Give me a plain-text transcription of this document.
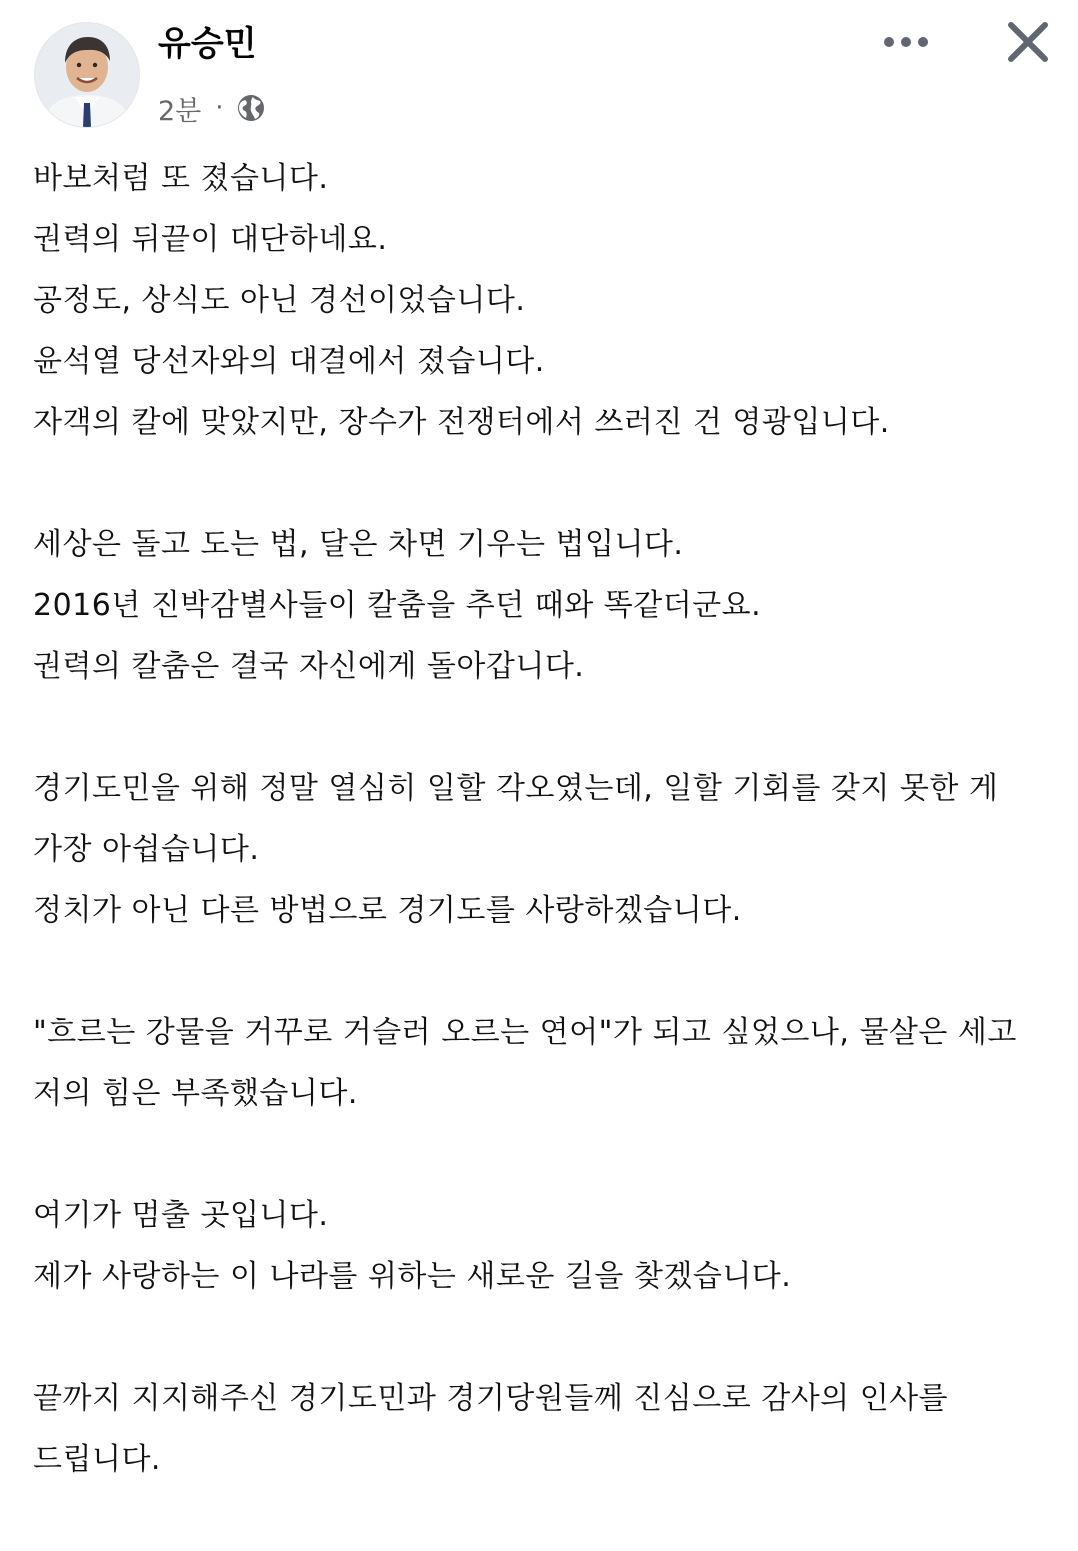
유승민
2분 ·
바보처럼 또 졌습니다.
권력의 뒤끝이 대단하네요.
공정도, 상식도 아닌 경선이었습니다.
윤석열 당선자와의 대결에서 졌습니다.
자객의 칼에 맞았지만, 장수가 전쟁터에서 쓰러진 건 영광입니다.
세상은 돌고 도는 법, 달은 차면 기우는 법입니다.
2016년 진박감별사들이 칼춤을 추던 때와 똑같더군요.
권력의 칼춤은 결국 자신에게 돌아갑니다.
경기도민을 위해 정말 열심히 일할 각오였는데, 일할 기회를 갖지 못한 게
가장 아쉽습니다.
정치가 아닌 다른 방법으로 경기도를 사랑하겠습니다.
"흐르는 강물을 거꾸로 거슬러 오르는 연어"가 되고 싶었으나, 물살은 세고
저의 힘은 부족했습니다.
여기가 멈출 곳입니다.
제가 사랑하는 이 나라를 위하는 새로운 길을 찾겠습니다.
끝까지 지지해주신 경기도민과 경기당원들께 진심으로 감사의 인사를
드립니다.
